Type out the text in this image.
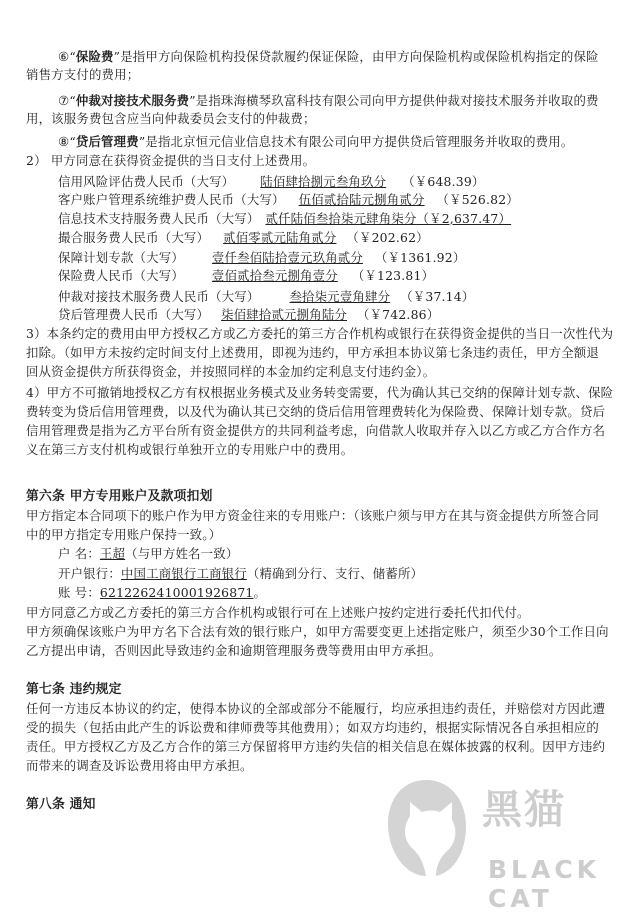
⑥“保险费”是指甲方向保险机构投保贷款履约保证保险，由甲方向保险机构或保险机构指定的保险
销售方支付的费用；
⑦“仲裁对接技术服务费”是指珠海横琴玖富科技有限公司向甲方提供仲裁对接技术服务并收取的费
用，该服务费包含应当向仲裁委员会支付的仲裁费；
⑧“贷后管理费”是指北京恒元信业信息技术有限公司向甲方提供贷后管理服务并收取的费用。
2） 甲方同意在获得资金提供的当日支付上述费用。
信用风险评估费人民币（大写） 陆佰肆拾捌元叁角玖分 （￥648.39）
客户账户管理系统维护费人民币（大写） 伍佰贰拾陆元捌角贰分 （￥526.82）
信息技术支持服务费人民币（大写） 贰仟陆佰叁拾柒元肆角柒分（￥2,637.47）
撮合服务费人民币（大写） 贰佰零贰元陆角贰分 （￥202.62）
保障计划专款（大写） 壹仟叁佰陆拾壹元玖角贰分 （￥1361.92）
保险费人民币（大写） 壹佰贰拾叁元捌角壹分 （￥123.81）
仲裁对接技术服务费人民币（大写） 叁拾柒元壹角肆分 （￥37.14）
贷后管理费人民币（大写） 柒佰肆拾贰元捌角陆分 （￥742.86）
3）本条约定的费用由甲方授权乙方或乙方委托的第三方合作机构或银行在获得资金提供的当日一次性代为
扣除。（如甲方未按约定时间支付上述费用，即视为违约，甲方承担本协议第七条违约责任，甲方全额退
回从资金提供方所获得资金，并按照同样的本金加约定利息支付违约金）。
4）甲方不可撤销地授权乙方有权根据业务模式及业务转变需要，代为确认其已交纳的保障计划专款、保险
费转变为贷后信用管理费，以及代为确认其已交纳的贷后信用管理费转化为保险费、保障计划专款。贷后
信用管理费是指为乙方平台所有资金提供方的共同利益考虑，向借款人收取并存入以乙方或乙方合作方名
义在第三方支付机构或银行单独开立的专用账户中的费用。
第六条 甲方专用账户及款项扣划
甲方指定本合同项下的账户作为甲方资金往来的专用账户：（该账户须与甲方在其与资金提供方所签合同
中的甲方指定专用账户保持一致。）
户 名：王超（与甲方姓名一致）
开户银行：中国工商银行工商银行（精确到分行、支行、储蓄所）
账 号：6212262410001926871。
甲方同意乙方或乙方委托的第三方合作机构或银行可在上述账户按约定进行委托代扣代付。
甲方须确保该账户为甲方名下合法有效的银行账户，如甲方需要变更上述指定账户，须至少30个工作日向
乙方提出申请，否则因此导致违约金和逾期管理服务费等费用由甲方承担。
第七条 违约规定
任何一方违反本协议的约定，使得本协议的全部或部分不能履行，均应承担违约责任，并赔偿对方因此遭
受的损失（包括由此产生的诉讼费和律师费等其他费用）；如双方均违约，根据实际情况各自承担相应的
责任。甲方授权乙方及乙方合作的第三方保留将甲方违约失信的相关信息在媒体披露的权利。因甲方违约
而带来的调查及诉讼费用将由甲方承担。
第八条 通知	黑猫
BLACK CAT
